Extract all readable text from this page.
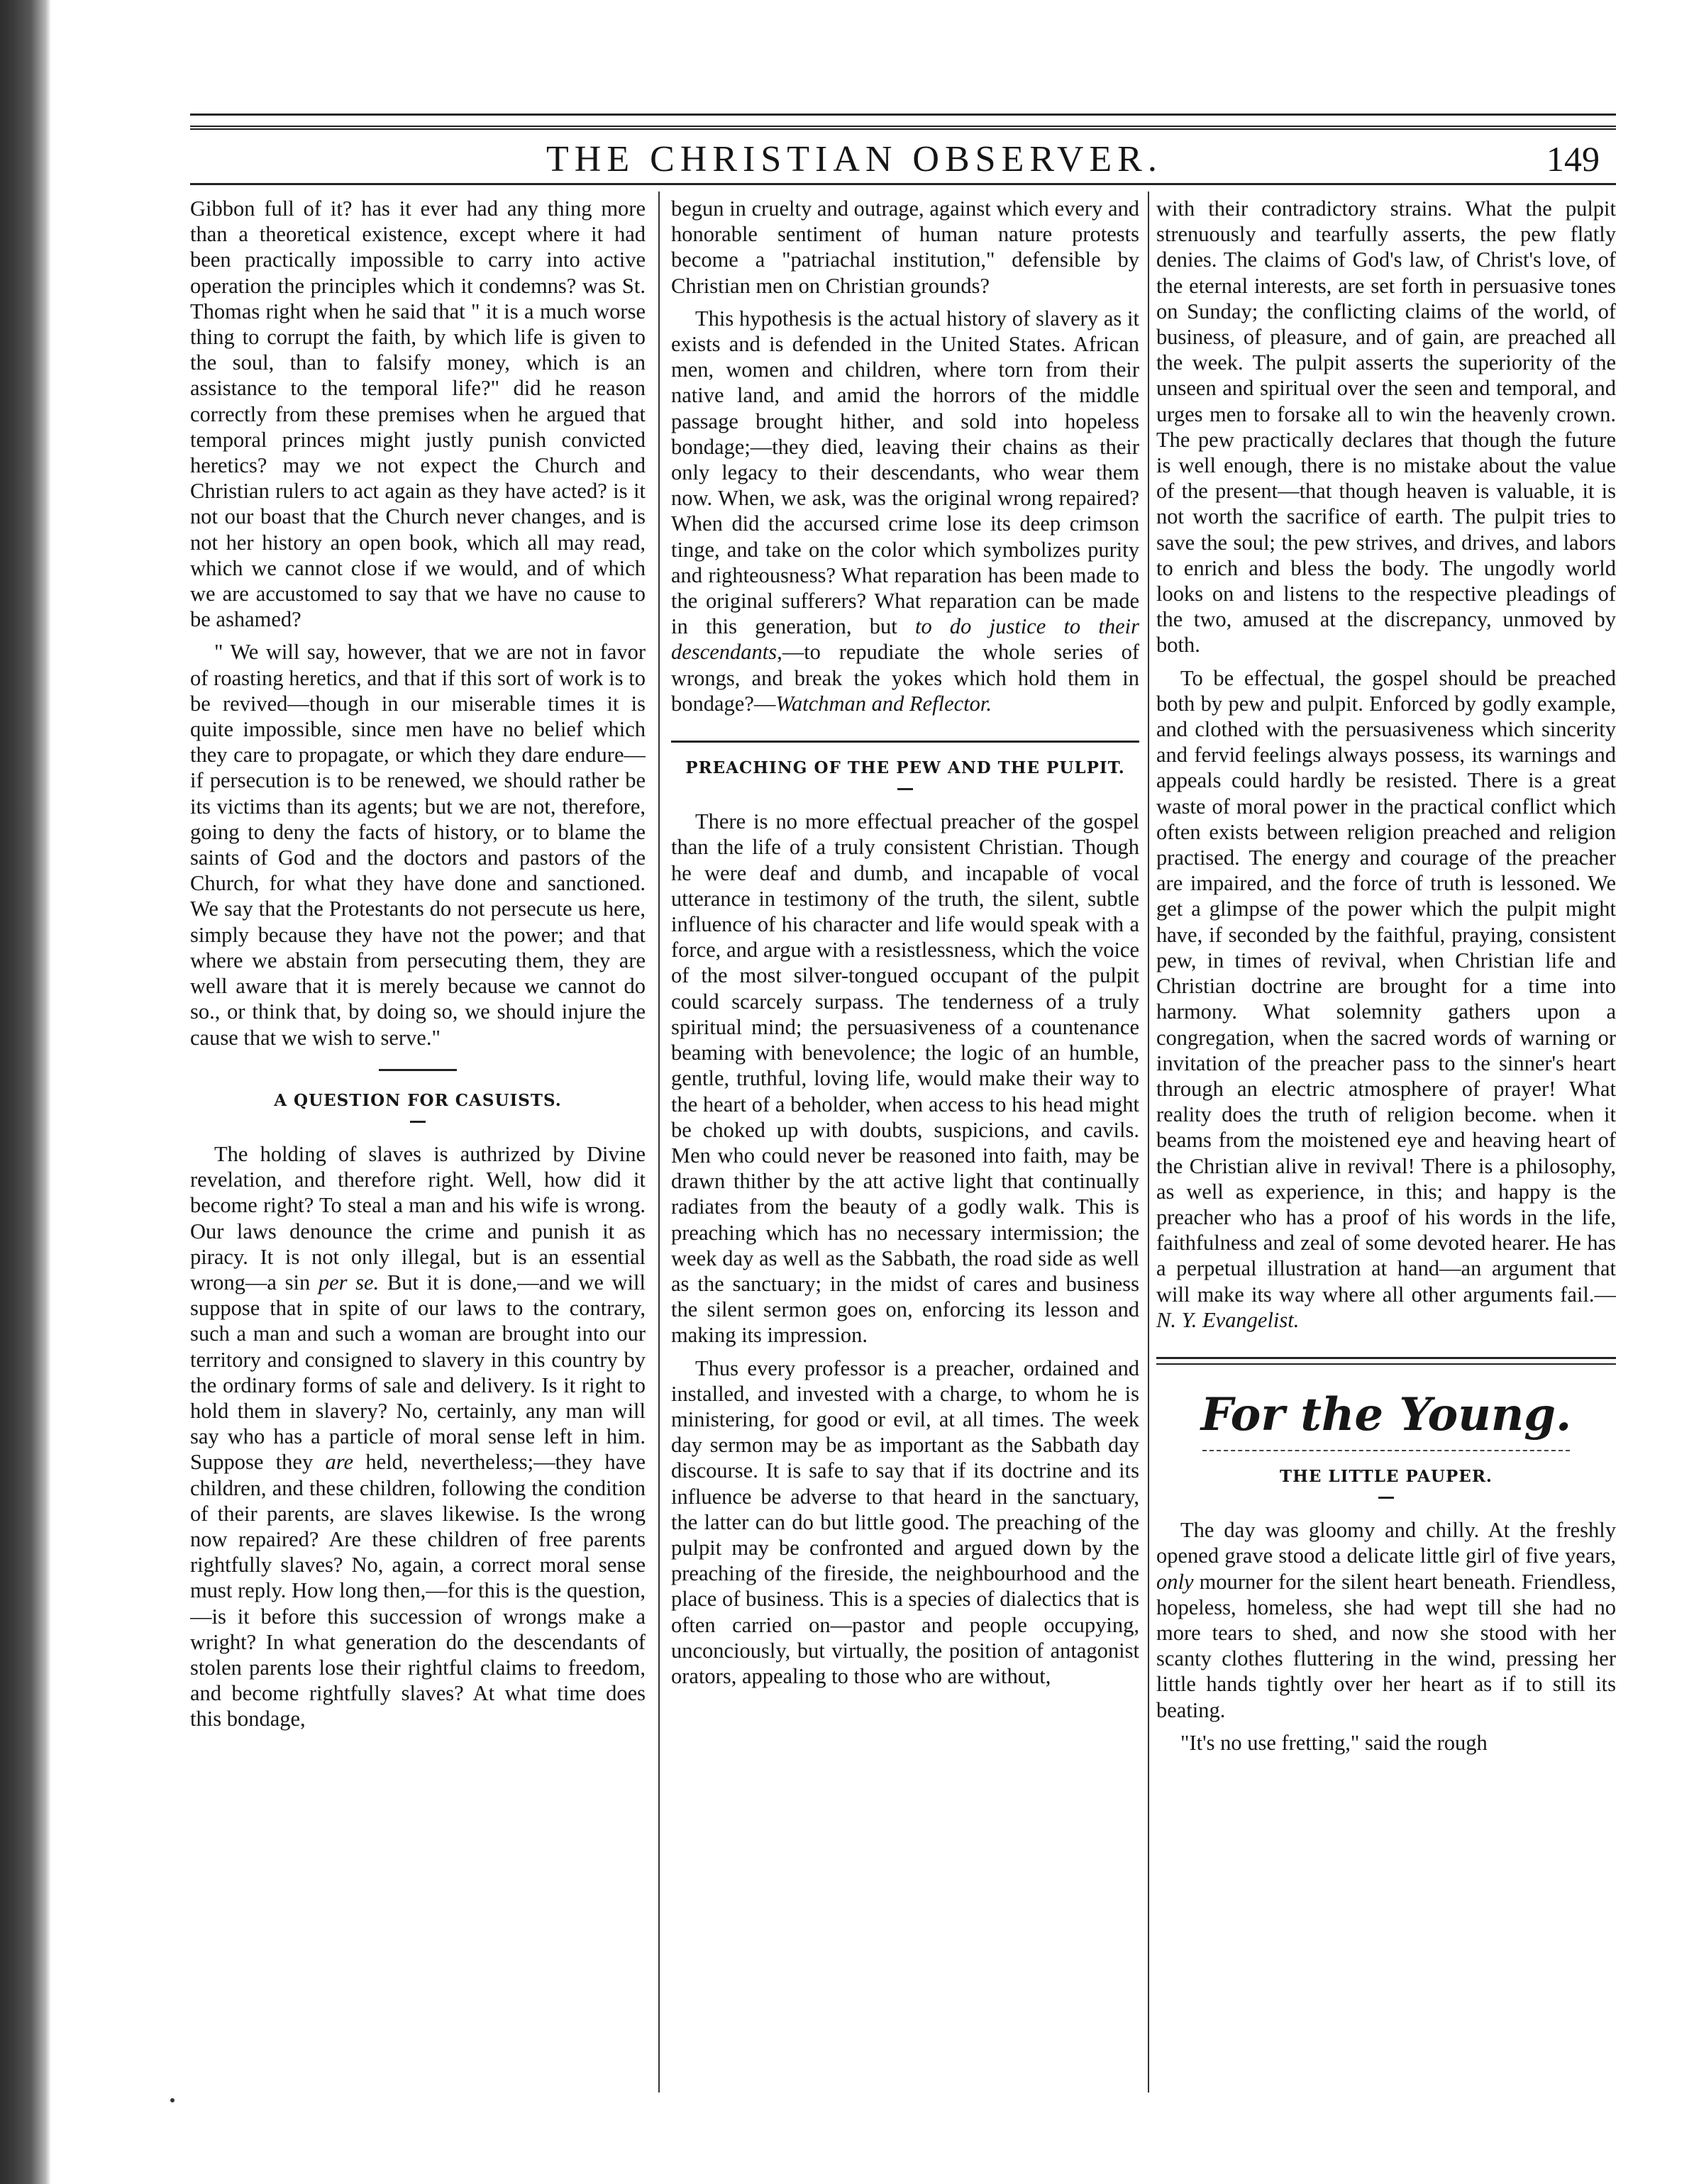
THE CHRISTIAN OBSERVER.	149

Gibbon full of it? has it ever had any thing more than a theoretical existence, except where it had been practically impossible to carry into active operation the principles which it condemns? was St. Thomas right when he said that " it is a much worse thing to corrupt the faith, by which life is given to the soul, than to falsify money, which is an assistance to the temporal life?" did he reason correctly from these premises when he argued that temporal princes might justly punish convicted heretics? may we not expect the Church and Christian rulers to act again as they have acted? is it not our boast that the Church never changes, and is not her history an open book, which all may read, which we cannot close if we would, and of which we are accustomed to say that we have no cause to be ashamed?

" We will say, however, that we are not in favor of roasting heretics, and that if this sort of work is to be revived—though in our miserable times it is quite impossible, since men have no belief which they care to propagate, or which they dare endure—if persecution is to be renewed, we should rather be its victims than its agents; but we are not, therefore, going to deny the facts of history, or to blame the saints of God and the doctors and pastors of the Church, for what they have done and sanctioned. We say that the Protestants do not persecute us here, simply because they have not the power; and that where we abstain from persecuting them, they are well aware that it is merely because we cannot do so., or think that, by doing so, we should injure the cause that we wish to serve."

A QUESTION FOR CASUISTS.

The holding of slaves is authrized by Divine revelation, and therefore right. Well, how did it become right? To steal a man and his wife is wrong. Our laws denounce the crime and punish it as piracy. It is not only illegal, but is an essential wrong—a sin per se. But it is done,—and we will suppose that in spite of our laws to the contrary, such a man and such a woman are brought into our territory and consigned to slavery in this country by the ordinary forms of sale and delivery. Is it right to hold them in slavery? No, certainly, any man will say who has a particle of moral sense left in him. Suppose they are held, nevertheless;—they have children, and these children, following the condition of their parents, are slaves likewise. Is the wrong now repaired? Are these children of free parents rightfully slaves? No, again, a correct moral sense must reply. How long then,—for this is the question,—is it before this succession of wrongs make a wright? In what generation do the descendants of stolen parents lose their rightful claims to freedom, and become rightfully slaves? At what time does this bondage,

begun in cruelty and outrage, against which every and honorable sentiment of human nature protests become a "patriachal institution," defensible by Christian men on Christian grounds?

This hypothesis is the actual history of slavery as it exists and is defended in the United States. African men, women and children, where torn from their native land, and amid the horrors of the middle passage brought hither, and sold into hopeless bondage;—they died, leaving their chains as their only legacy to their descendants, who wear them now. When, we ask, was the original wrong repaired? When did the accursed crime lose its deep crimson tinge, and take on the color which symbolizes purity and righteousness? What reparation has been made to the original sufferers? What reparation can be made in this generation, but to do justice to their descendants,—to repudiate the whole series of wrongs, and break the yokes which hold them in bondage?—Watchman and Reflector.

PREACHING OF THE PEW AND THE PULPIT.

There is no more effectual preacher of the gospel than the life of a truly consistent Christian. Though he were deaf and dumb, and incapable of vocal utterance in testimony of the truth, the silent, subtle influence of his character and life would speak with a force, and argue with a resistlessness, which the voice of the most silver-tongued occupant of the pulpit could scarcely surpass. The tenderness of a truly spiritual mind; the persuasiveness of a countenance beaming with benevolence; the logic of an humble, gentle, truthful, loving life, would make their way to the heart of a beholder, when access to his head might be choked up with doubts, suspicions, and cavils. Men who could never be reasoned into faith, may be drawn thither by the att active light that continually radiates from the beauty of a godly walk. This is preaching which has no necessary intermission; the week day as well as the Sabbath, the road side as well as the sanctuary; in the midst of cares and business the silent sermon goes on, enforcing its lesson and making its impression.

Thus every professor is a preacher, ordained and installed, and invested with a charge, to whom he is ministering, for good or evil, at all times. The week day sermon may be as important as the Sabbath day discourse. It is safe to say that if its doctrine and its influence be adverse to that heard in the sanctuary, the latter can do but little good. The preaching of the pulpit may be confronted and argued down by the preaching of the fireside, the neighbourhood and the place of business. This is a species of dialectics that is often carried on—pastor and people occupying, unconciously, but virtually, the position of antagonist orators, appealing to those who are without,

with their contradictory strains. What the pulpit strenuously and tearfully asserts, the pew flatly denies. The claims of God's law, of Christ's love, of the eternal interests, are set forth in persuasive tones on Sunday; the conflicting claims of the world, of business, of pleasure, and of gain, are preached all the week. The pulpit asserts the superiority of the unseen and spiritual over the seen and temporal, and urges men to forsake all to win the heavenly crown. The pew practically declares that though the future is well enough, there is no mistake about the value of the present—that though heaven is valuable, it is not worth the sacrifice of earth. The pulpit tries to save the soul; the pew strives, and drives, and labors to enrich and bless the body. The ungodly world looks on and listens to the respective pleadings of the two, amused at the discrepancy, unmoved by both.

To be effectual, the gospel should be preached both by pew and pulpit. Enforced by godly example, and clothed with the persuasiveness which sincerity and fervid feelings always possess, its warnings and appeals could hardly be resisted. There is a great waste of moral power in the practical conflict which often exists between religion preached and religion practised. The energy and courage of the preacher are impaired, and the force of truth is lessoned. We get a glimpse of the power which the pulpit might have, if seconded by the faithful, praying, consistent pew, in times of revival, when Christian life and Christian doctrine are brought for a time into harmony. What solemnity gathers upon a congregation, when the sacred words of warning or invitation of the preacher pass to the sinner's heart through an electric atmosphere of prayer! What reality does the truth of religion become. when it beams from the moistened eye and heaving heart of the Christian alive in revival! There is a philosophy, as well as experience, in this; and happy is the preacher who has a proof of his words in the life, faithfulness and zeal of some devoted hearer. He has a perpetual illustration at hand—an argument that will make its way where all other arguments fail.—N. Y. Evangelist.

For the Young.
THE LITTLE PAUPER.

The day was gloomy and chilly. At the freshly opened grave stood a delicate little girl of five years, only mourner for the silent heart beneath. Friendless, hopeless, homeless, she had wept till she had no more tears to shed, and now she stood with her scanty clothes fluttering in the wind, pressing her little hands tightly over her heart as if to still its beating.

"It's no use fretting," said the rough
